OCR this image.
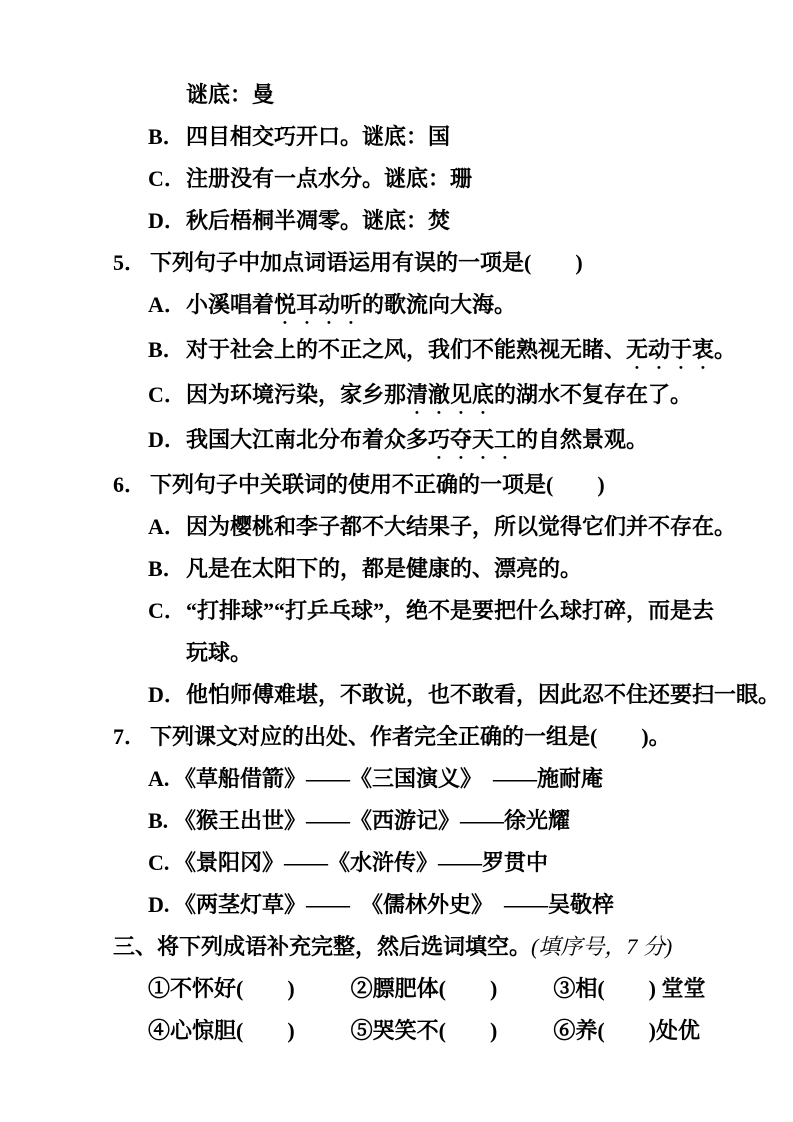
谜底：曼
B． 四目相交巧开口。谜底：国
C． 注册没有一点水分。谜底：珊
D． 秋后梧桐半凋零。谜底：焚
5． 下列句子中加点词语运用有误的一项是(　　)
A． 小溪唱着悦耳动听的歌流向大海。
B． 对于社会上的不正之风，我们不能熟视无睹、无动于衷。
C． 因为环境污染，家乡那清澈见底的湖水不复存在了。
D． 我国大江南北分布着众多巧夺天工的自然景观。
6． 下列句子中关联词的使用不正确的一项是(　　)
A． 因为樱桃和李子都不大结果子，所以觉得它们并不存在。
B． 凡是在太阳下的，都是健康的、漂亮的。
C． “打排球”“打乒乓球”，绝不是要把什么球打碎，而是去
玩球。
D． 他怕师傅难堪，不敢说，也不敢看，因此忍不住还要扫一眼。
7． 下列课文对应的出处、作者完全正确的一组是(　　)。
A. 《草船借箭》——《三国演义》　——施耐庵
B. 《猴王出世》——《西游记》——徐光耀
C. 《景阳冈》——《水浒传》——罗贯中
D. 《两茎灯草》——　《儒林外史》　——吴敬梓
三、将下列成语补充完整，然后选词填空。(填序号，7 分)
①不怀好(　　)	②膘肥体(　　)	③相(　　) 堂堂
④心惊胆(　　)	⑤哭笑不(　　)	⑥养(　　)处优
